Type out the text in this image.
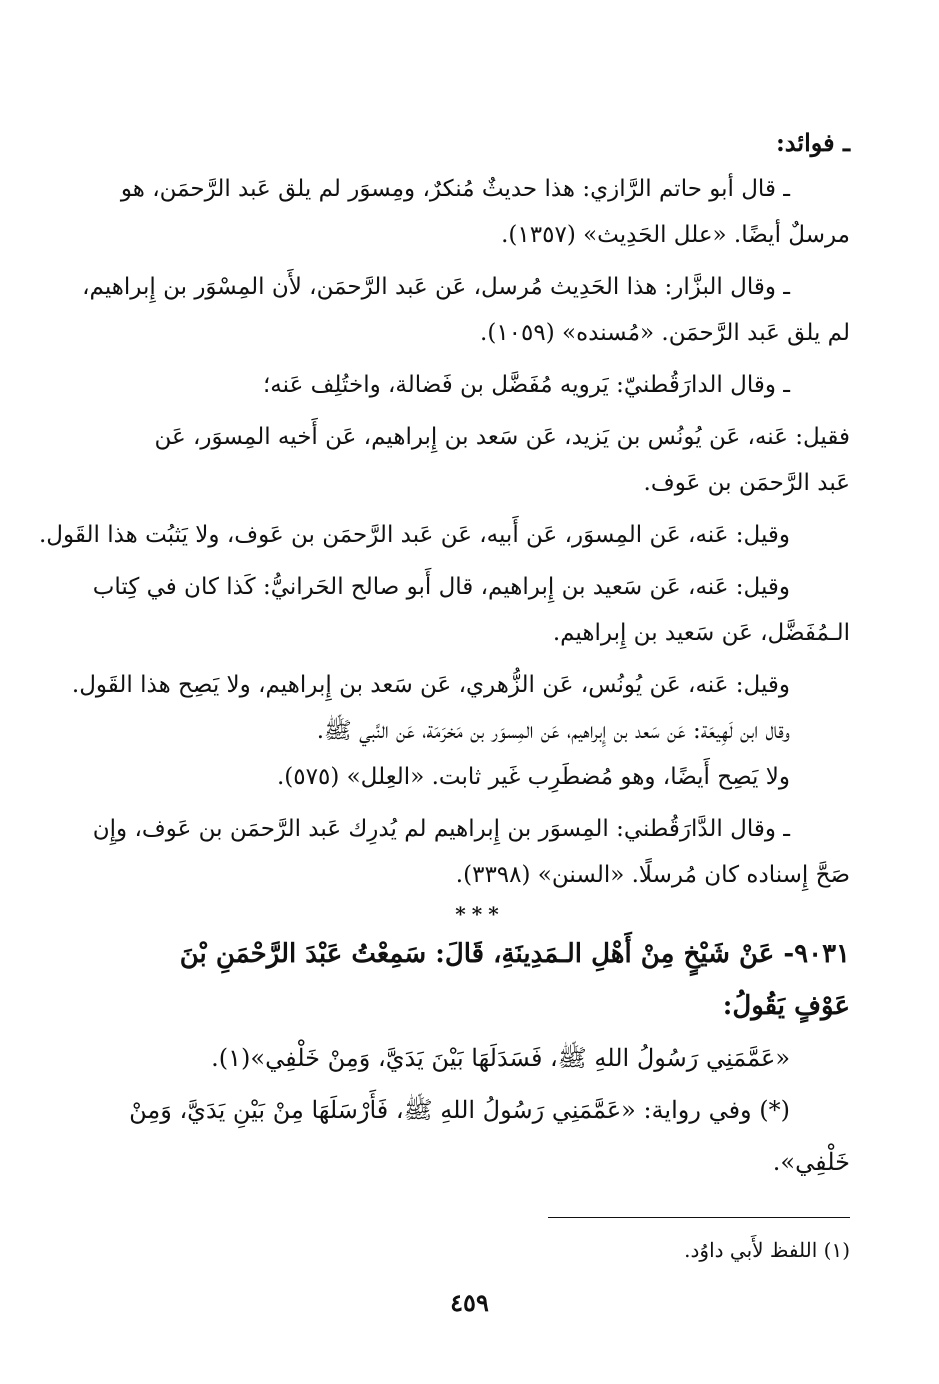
ـ فوائد:

ـ قال أبو حاتم الرَّازي: هذا حديثٌ مُنكرٌ، ومِسوَر لم يلق عَبد الرَّحمَن، هو

مرسلٌ أيضًا. «علل الحَدِيث» (١٣٥٧).

ـ وقال البزَّار: هذا الحَدِيث مُرسل، عَن عَبد الرَّحمَن، لأَن المِسْوَر بن إِبراهيم،

لم يلق عَبد الرَّحمَن. «مُسنده» (١٠٥٩).

ـ وقال الدارَقُطنيّ: يَرويه مُفَضَّل بن فَضالة، واختُلِف عَنه؛

فقيل: عَنه، عَن يُونُس بن يَزيد، عَن سَعد بن إِبراهيم، عَن أَخيه المِسوَر، عَن

عَبد الرَّحمَن بن عَوف.

وقيل: عَنه، عَن المِسوَر، عَن أَبيه، عَن عَبد الرَّحمَن بن عَوف، ولا يَثبُت هذا القَول.

وقيل: عَنه، عَن سَعيد بن إِبراهيم، قال أَبو صالح الحَرانيُّ: كَذا كان في كِتاب

الـمُفَضَّل، عَن سَعيد بن إِبراهيم.

وقيل: عَنه، عَن يُونُس، عَن الزُّهري، عَن سَعد بن إِبراهيم، ولا يَصِح هذا القَول.

وقال ابن لَهِيعَة: عَن سَعد بن إِبراهيم، عَن المِسوَر بن مَخرَمَة، عَن النَّبي ﷺ.

ولا يَصِح أَيضًا، وهو مُضطَرِب غَير ثابت. «العِلل» (٥٧٥).

ـ وقال الدَّارَقُطني: المِسوَر بن إِبراهيم لم يُدرِك عَبد الرَّحمَن بن عَوف، وإِن

صَحَّ إِسناده كان مُرسلًا. «السنن» (٣٣٩٨).

***

٩٠٣١- عَنْ شَيْخٍ مِنْ أَهْلِ الـمَدِينَةِ، قَالَ: سَمِعْتُ عَبْدَ الرَّحْمَنِ بْنَ

عَوْفٍ يَقُولُ:

«عَمَّمَنِي رَسُولُ اللهِ ﷺ، فَسَدَلَهَا بَيْنَ يَدَيَّ، وَمِنْ خَلْفِي»(١).

(*) وفي رواية: «عَمَّمَنِي رَسُولُ اللهِ ﷺ، فَأَرْسَلَهَا مِنْ بَيْنِ يَدَيَّ، وَمِنْ

خَلْفِي».

(١) اللفظ لأَبي داوُد.
٤٥٩
